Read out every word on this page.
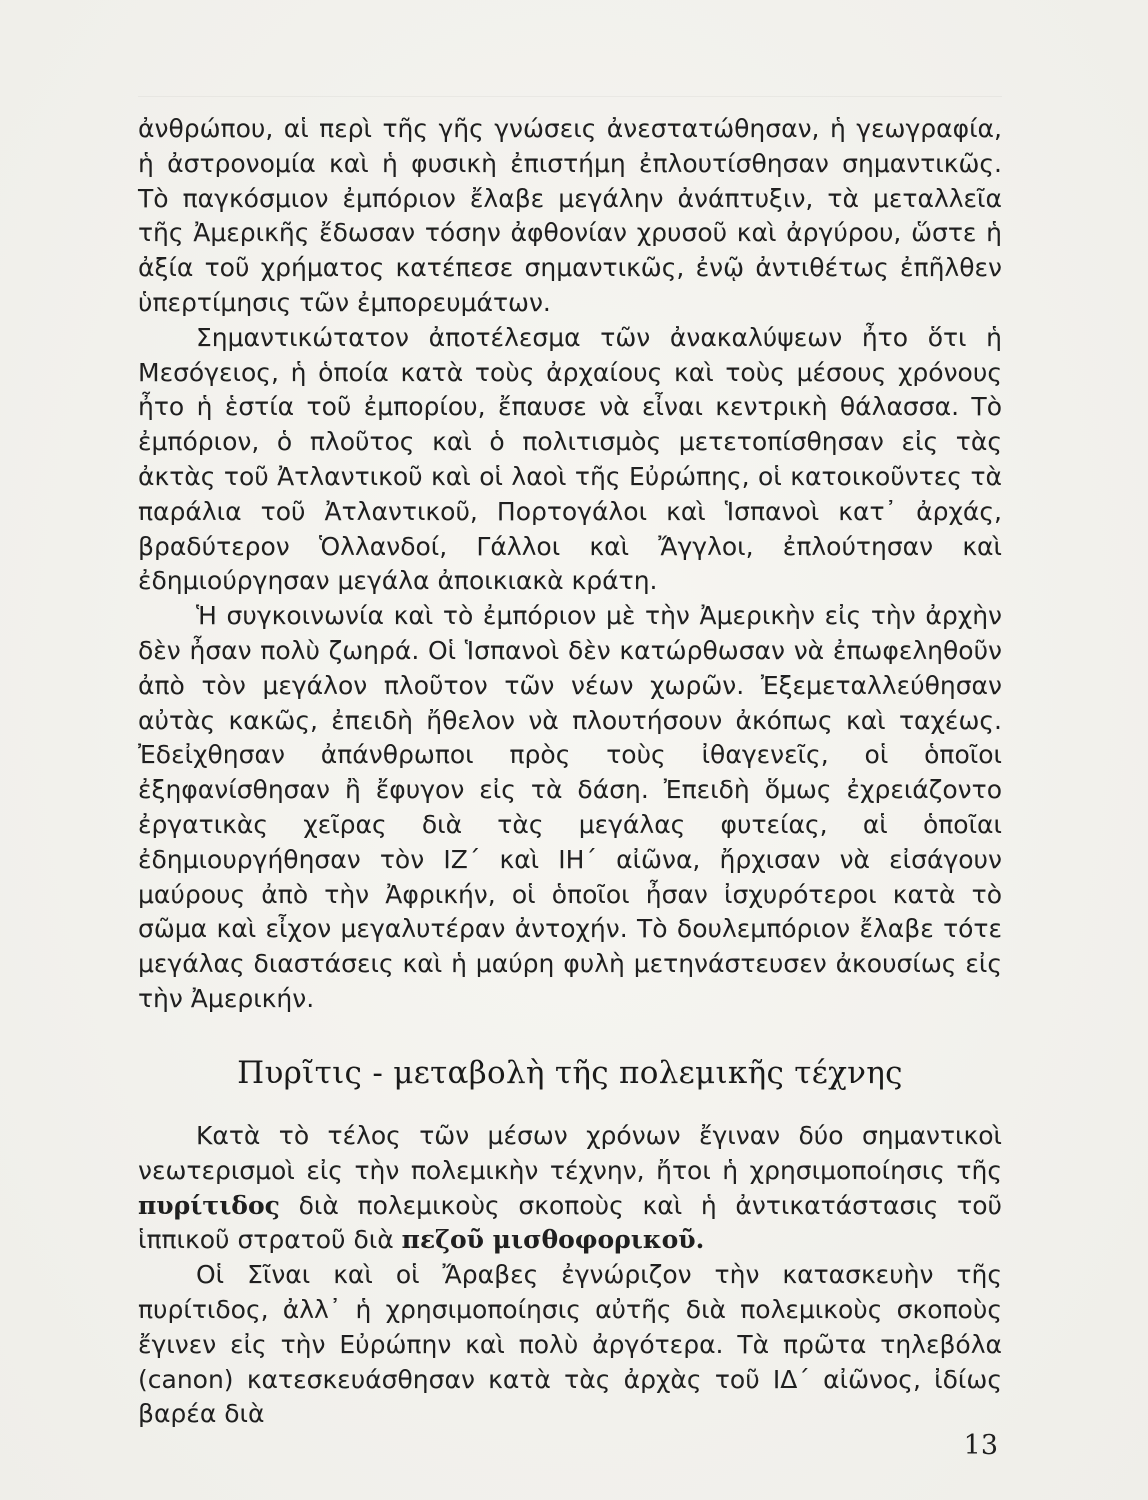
ἀνθρώπου, αἱ περὶ τῆς γῆς γνώσεις ἀνεστατώθησαν, ἡ γεωγραφία, ἡ ἀστρονομία καὶ ἡ φυσικὴ ἐπιστήμη ἐπλουτίσθησαν σημαντικῶς. Τὸ παγκόσμιον ἐμπόριον ἔλαβε μεγάλην ἀνάπτυξιν, τὰ μεταλλεῖα τῆς Ἀμερικῆς ἔδωσαν τόσην ἀφθονίαν χρυσοῦ καὶ ἀργύρου, ὥστε ἡ ἀξία τοῦ χρήματος κατέπεσε σημαντικῶς, ἐνῷ ἀντιθέτως ἐπῆλθεν ὑπερτίμησις τῶν ἐμπορευμάτων.

Σημαντικώτατον ἀποτέλεσμα τῶν ἀνακαλύψεων ἦτο ὅτι ἡ Μεσόγειος, ἡ ὁποία κατὰ τοὺς ἀρχαίους καὶ τοὺς μέσους χρόνους ἦτο ἡ ἑστία τοῦ ἐμπορίου, ἔπαυσε νὰ εἶναι κεντρικὴ θάλασσα. Τὸ ἐμπόριον, ὁ πλοῦτος καὶ ὁ πολιτισμὸς μετετοπίσθησαν εἰς τὰς ἀκτὰς τοῦ Ἀτλαντικοῦ καὶ οἱ λαοὶ τῆς Εὐρώπης, οἱ κατοικοῦντες τὰ παράλια τοῦ Ἀτλαντικοῦ, Πορτογάλοι καὶ Ἱσπανοὶ κατ᾽ ἀρχάς, βραδύτερον Ὁλλανδοί, Γάλλοι καὶ Ἄγγλοι, ἐπλούτησαν καὶ ἐδημιούργησαν μεγάλα ἀποικιακὰ κράτη.

Ἡ συγκοινωνία καὶ τὸ ἐμπόριον μὲ τὴν Ἀμερικὴν εἰς τὴν ἀρχὴν δὲν ἦσαν πολὺ ζωηρά. Οἱ Ἱσπανοὶ δὲν κατώρθωσαν νὰ ἐπωφεληθοῦν ἀπὸ τὸν μεγάλον πλοῦτον τῶν νέων χωρῶν. Ἐξεμεταλλεύθησαν αὐτὰς κακῶς, ἐπειδὴ ἤθελον νὰ πλουτήσουν ἀκόπως καὶ ταχέως. Ἐδεἰχθησαν ἀπάνθρωποι πρὸς τοὺς ἰθαγενεῖς, οἱ ὁποῖοι ἐξηφανίσθησαν ἢ ἔφυγον εἰς τὰ δάση. Ἐπειδὴ ὅμως ἐχρειάζοντο ἐργατικὰς χεῖρας διὰ τὰς μεγάλας φυτείας, αἱ ὁποῖαι ἐδημιουργήθησαν τὸν ΙΖ´ καὶ ΙΗ´ αἰῶνα, ἤρχισαν νὰ εἰσάγουν μαύρους ἀπὸ τὴν Ἀφρικήν, οἱ ὁποῖοι ἦσαν ἰσχυρότεροι κατὰ τὸ σῶμα καὶ εἶχον μεγαλυτέραν ἀντοχήν. Τὸ δουλεμπόριον ἔλαβε τότε μεγάλας διαστάσεις καὶ ἡ μαύρη φυλὴ μετηνάστευσεν ἀκουσίως εἰς τὴν Ἀμερικήν.

Πυρῖτις - μεταβολὴ τῆς πολεμικῆς τέχνης

Κατὰ τὸ τέλος τῶν μέσων χρόνων ἔγιναν δύο σημαντικοὶ νεωτερισμοὶ εἰς τὴν πολεμικὴν τέχνην, ἤτοι ἡ χρησιμοποίησις τῆς πυρίτιδος διὰ πολεμικοὺς σκοποὺς καὶ ἡ ἀντικατάστασις τοῦ ἱππικοῦ στρατοῦ διὰ πεζοῦ μισθοφορικοῦ.

Οἱ Σῖναι καὶ οἱ Ἄραβες ἐγνώριζον τὴν κατασκευὴν τῆς πυρίτιδος, ἀλλ᾽ ἡ χρησιμοποίησις αὐτῆς διὰ πολεμικοὺς σκοποὺς ἔγινεν εἰς τὴν Εὐρώπην καὶ πολὺ ἀργότερα. Τὰ πρῶτα τηλεβόλα (canon) κατεσκευάσθησαν κατὰ τὰς ἀρχὰς τοῦ ΙΔ´ αἰῶνος, ἰδίως βαρέα διὰ

13
